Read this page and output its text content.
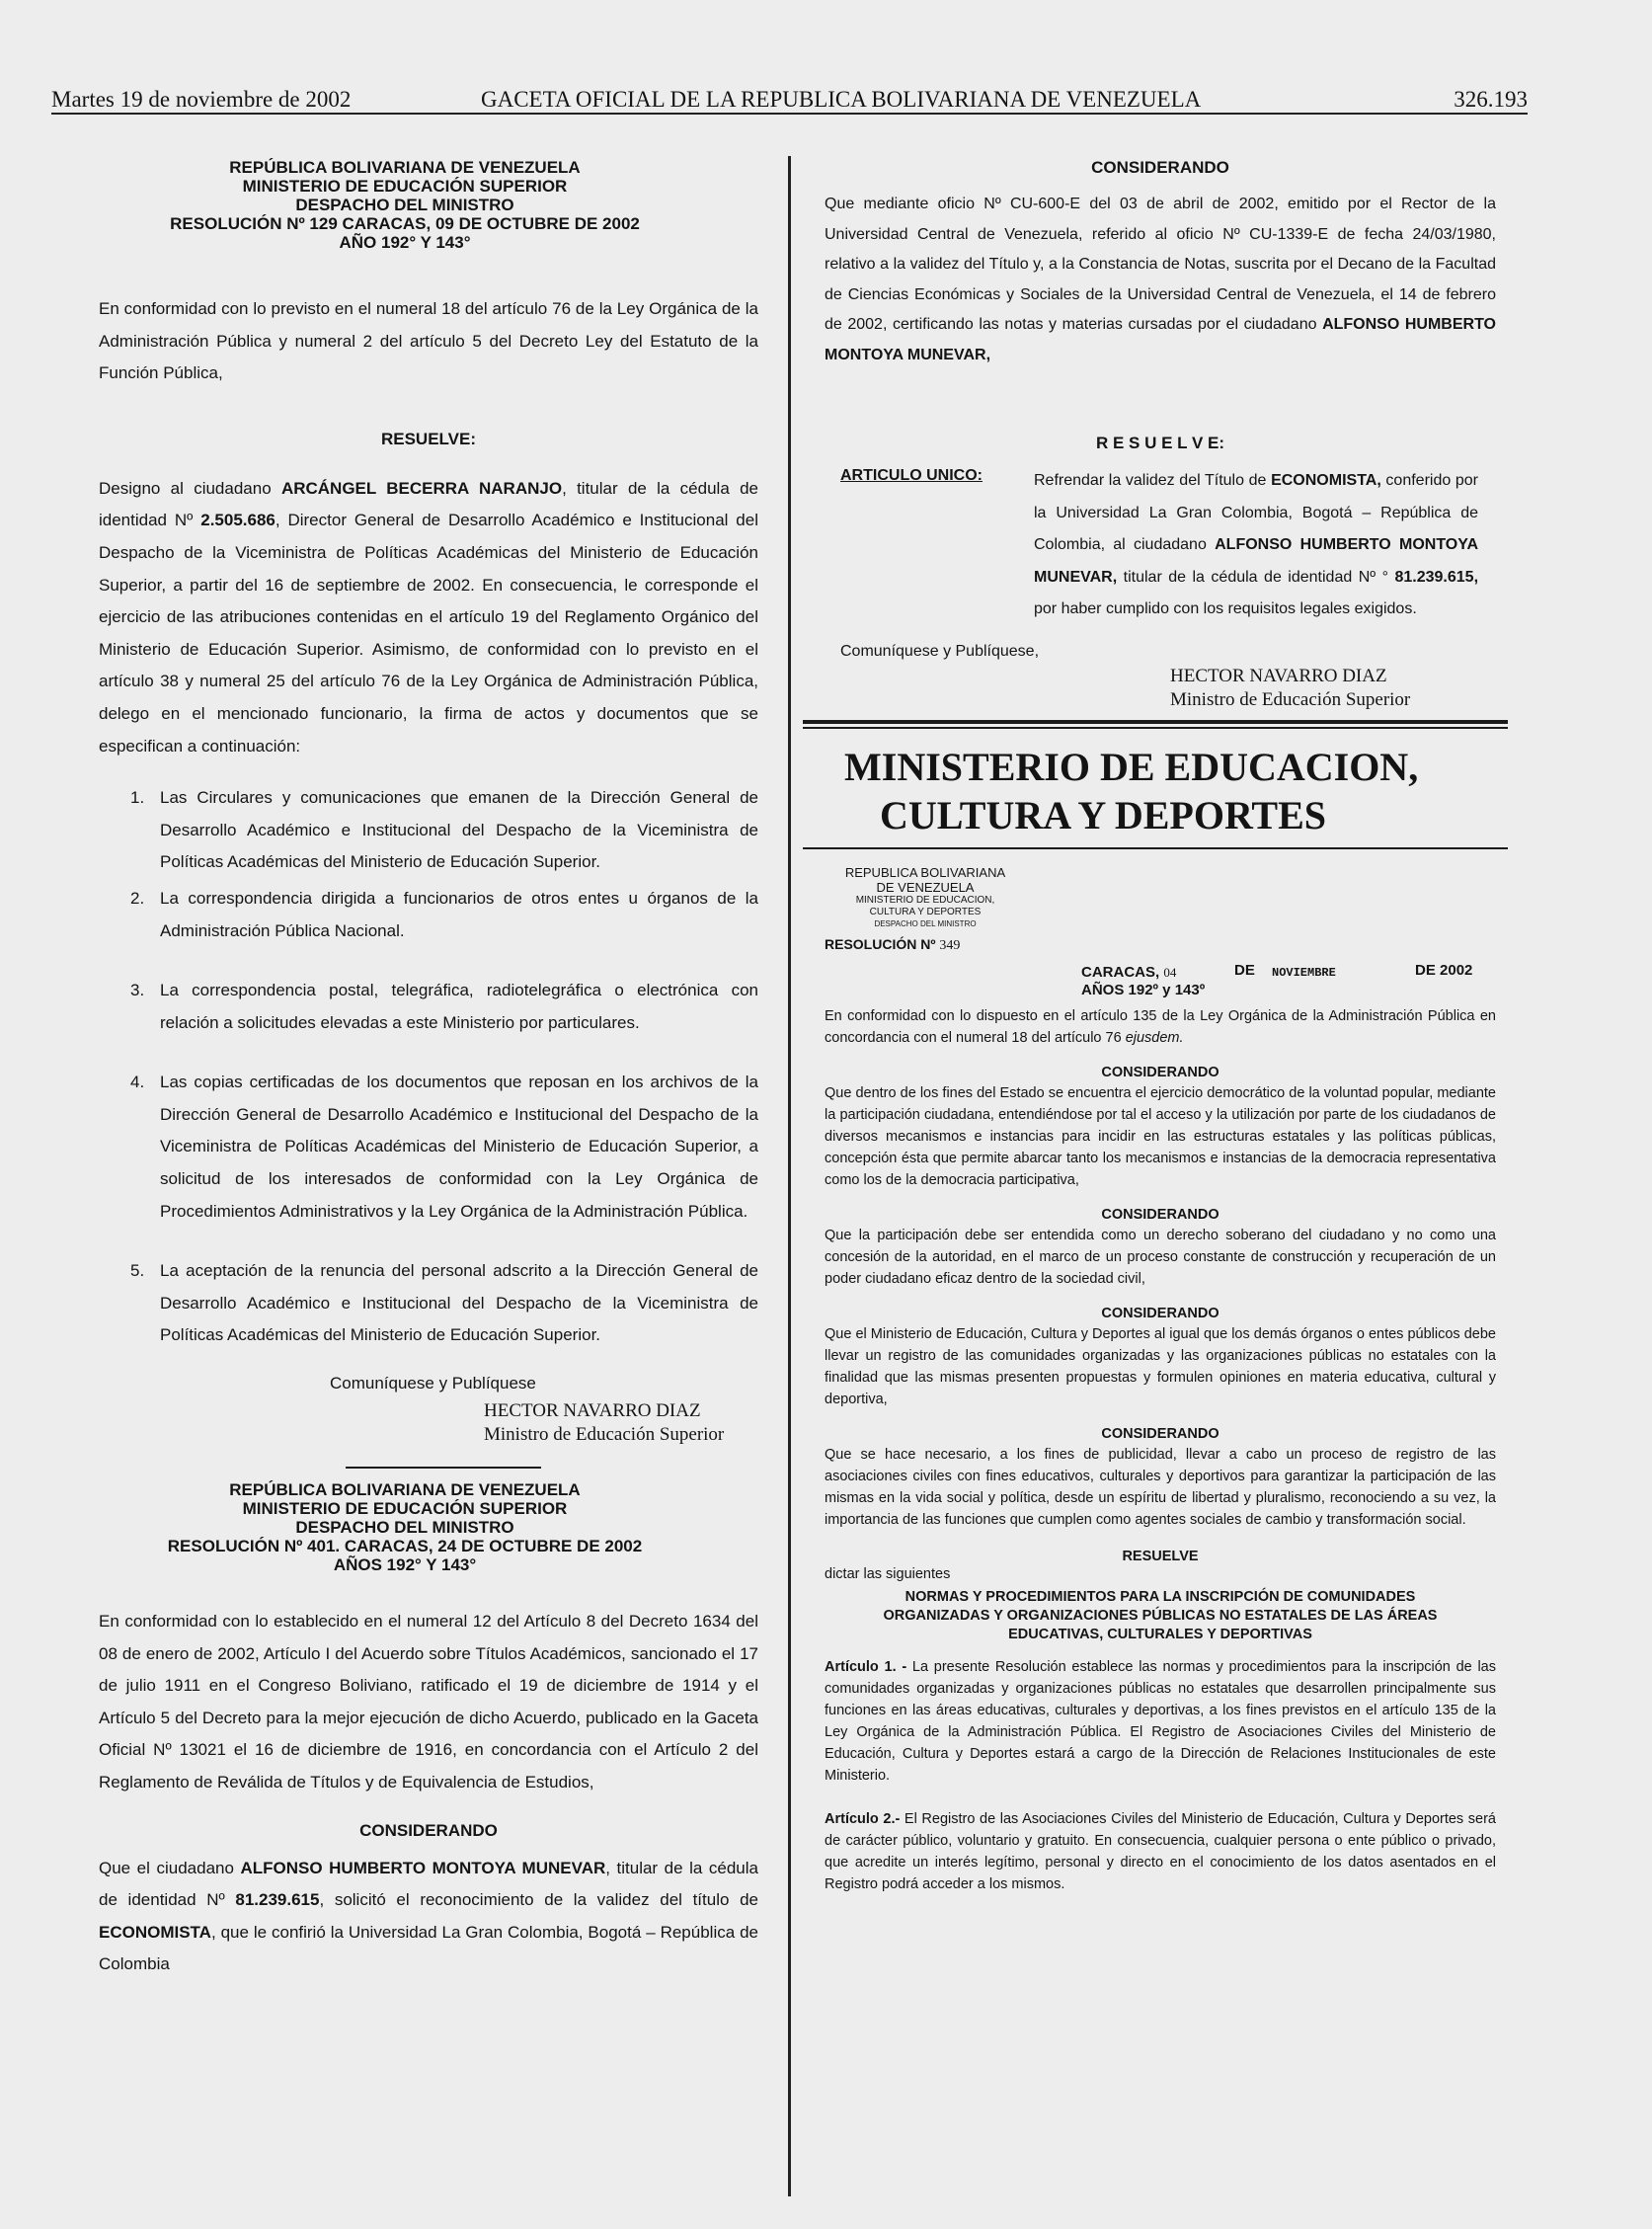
Martes 19 de noviembre de 2002	GACETA OFICIAL DE LA REPUBLICA BOLIVARIANA DE VENEZUELA	326.193
REPÚBLICA BOLIVARIANA DE VENEZUELA
MINISTERIO DE EDUCACIÓN SUPERIOR
DESPACHO DEL MINISTRO
RESOLUCIÓN Nº 129 CARACAS, 09 DE OCTUBRE DE 2002
AÑO 192° Y 143°

En conformidad con lo previsto en el numeral 18 del artículo 76 de la Ley Orgánica de la Administración Pública y numeral 2 del artículo 5 del Decreto Ley del Estatuto de la Función Pública,

RESUELVE:

Designo al ciudadano ARCÁNGEL BECERRA NARANJO, titular de la cédula de identidad Nº 2.505.686, Director General de Desarrollo Académico e Institucional del Despacho de la Viceministra de Políticas Académicas del Ministerio de Educación Superior, a partir del 16 de septiembre de 2002. En consecuencia, le corresponde el ejercicio de las atribuciones contenidas en el artículo 19 del Reglamento Orgánico del Ministerio de Educación Superior. Asimismo, de conformidad con lo previsto en el artículo 38 y numeral 25 del artículo 76 de la Ley Orgánica de Administración Pública, delego en el mencionado funcionario, la firma de actos y documentos que se especifican a continuación:

1. Las Circulares y comunicaciones que emanen de la Dirección General de Desarrollo Académico e Institucional del Despacho de la Viceministra de Políticas Académicas del Ministerio de Educación Superior.
2. La correspondencia dirigida a funcionarios de otros entes u órganos de la Administración Pública Nacional.
3. La correspondencia postal, telegráfica, radiotelegráfica o electrónica con relación a solicitudes elevadas a este Ministerio por particulares.
4. Las copias certificadas de los documentos que reposan en los archivos de la Dirección General de Desarrollo Académico e Institucional del Despacho de la Viceministra de Políticas Académicas del Ministerio de Educación Superior, a solicitud de los interesados de conformidad con la Ley Orgánica de Procedimientos Administrativos y la Ley Orgánica de la Administración Pública.
5. La aceptación de la renuncia del personal adscrito a la Dirección General de Desarrollo Académico e Institucional del Despacho de la Viceministra de Políticas Académicas del Ministerio de Educación Superior.
Comuníquese y Publíquese
HECTOR NAVARRO DIAZ
Ministro de Educación Superior
REPÚBLICA BOLIVARIANA DE VENEZUELA
MINISTERIO DE EDUCACIÓN SUPERIOR
DESPACHO DEL MINISTRO
RESOLUCIÓN Nº 401. CARACAS, 24 DE OCTUBRE DE 2002
AÑOS 192° Y 143°

En conformidad con lo establecido en el numeral 12 del Artículo 8 del Decreto 1634 del 08 de enero de 2002, Artículo I del Acuerdo sobre Títulos Académicos, sancionado el 17 de julio 1911 en el Congreso Boliviano, ratificado el 19 de diciembre de 1914 y el Artículo 5 del Decreto para la mejor ejecución de dicho Acuerdo, publicado en la Gaceta Oficial Nº 13021 el 16 de diciembre de 1916, en concordancia con el Artículo 2 del Reglamento de Reválida de Títulos y de Equivalencia de Estudios,

CONSIDERANDO

Que el ciudadano ALFONSO HUMBERTO MONTOYA MUNEVAR, titular de la cédula de identidad Nº 81.239.615, solicitó el reconocimiento de la validez del título de ECONOMISTA, que le confirió la Universidad La Gran Colombia, Bogotá – República de Colombia

CONSIDERANDO

Que mediante oficio Nº CU-600-E del 03 de abril de 2002, emitido por el Rector de la Universidad Central de Venezuela, referido al oficio Nº CU-1339-E de fecha 24/03/1980, relativo a la validez del Título y, a la Constancia de Notas, suscrita por el Decano de la Facultad de Ciencias Económicas y Sociales de la Universidad Central de Venezuela, el 14 de febrero de 2002, certificando las notas y materias cursadas por el ciudadano ALFONSO HUMBERTO MONTOYA MUNEVAR,

R E S U E L V E:
ARTICULO UNICO:	Refrendar la validez del Título de ECONOMISTA, conferido por la Universidad La Gran Colombia, Bogotá – República de Colombia, al ciudadano ALFONSO HUMBERTO MONTOYA MUNEVAR, titular de la cédula de identidad Nº ° 81.239.615, por haber cumplido con los requisitos legales exigidos.

Comuníquese y Publíquese,
HECTOR NAVARRO DIAZ
Ministro de Educación Superior
MINISTERIO DE EDUCACION,
CULTURA Y DEPORTES
REPUBLICA BOLIVARIANA
DE VENEZUELA
MINISTERIO DE EDUCACION,
CULTURA Y DEPORTES
DESPACHO DEL MINISTRO
RESOLUCIÓN Nº 349
CARACAS, 04	DE NOVIEMBRE	DE 2002
AÑOS 192º y 143º

En conformidad con lo dispuesto en el artículo 135 de la Ley Orgánica de la Administración Pública en concordancia con el numeral 18 del artículo 76 ejusdem.

CONSIDERANDO

Que dentro de los fines del Estado se encuentra el ejercicio democrático de la voluntad popular, mediante la participación ciudadana, entendiéndose por tal el acceso y la utilización por parte de los ciudadanos de diversos mecanismos e instancias para incidir en las estructuras estatales y las políticas públicas, concepción ésta que permite abarcar tanto los mecanismos e instancias de la democracia representativa como los de la democracia participativa,

CONSIDERANDO

Que la participación debe ser entendida como un derecho soberano del ciudadano y no como una concesión de la autoridad, en el marco de un proceso constante de construcción y recuperación de un poder ciudadano eficaz dentro de la sociedad civil,

CONSIDERANDO

Que el Ministerio de Educación, Cultura y Deportes al igual que los demás órganos o entes públicos debe llevar un registro de las comunidades organizadas y las organizaciones públicas no estatales con la finalidad que las mismas presenten propuestas y formulen opiniones en materia educativa, cultural y deportiva,

CONSIDERANDO

Que se hace necesario, a los fines de publicidad, llevar a cabo un proceso de registro de las asociaciones civiles con fines educativos, culturales y deportivos para garantizar la participación de las mismas en la vida social y política, desde un espíritu de libertad y pluralismo, reconociendo a su vez, la importancia de las funciones que cumplen como agentes sociales de cambio y transformación social.

RESUELVE
dictar las siguientes
NORMAS Y PROCEDIMIENTOS PARA LA INSCRIPCIÓN DE COMUNIDADES
ORGANIZADAS Y ORGANIZACIONES PÚBLICAS NO ESTATALES DE LAS ÁREAS
EDUCATIVAS, CULTURALES Y DEPORTIVAS

Artículo 1. - La presente Resolución establece las normas y procedimientos para la inscripción de las comunidades organizadas y organizaciones públicas no estatales que desarrollen principalmente sus funciones en las áreas educativas, culturales y deportivas, a los fines previstos en el artículo 135 de la Ley Orgánica de la Administración Pública. El Registro de Asociaciones Civiles del Ministerio de Educación, Cultura y Deportes estará a cargo de la Dirección de Relaciones Institucionales de este Ministerio.

Artículo 2.- El Registro de las Asociaciones Civiles del Ministerio de Educación, Cultura y Deportes será de carácter público, voluntario y gratuito. En consecuencia, cualquier persona o ente público o privado, que acredite un interés legítimo, personal y directo en el conocimiento de los datos asentados en el Registro podrá acceder a los mismos.
